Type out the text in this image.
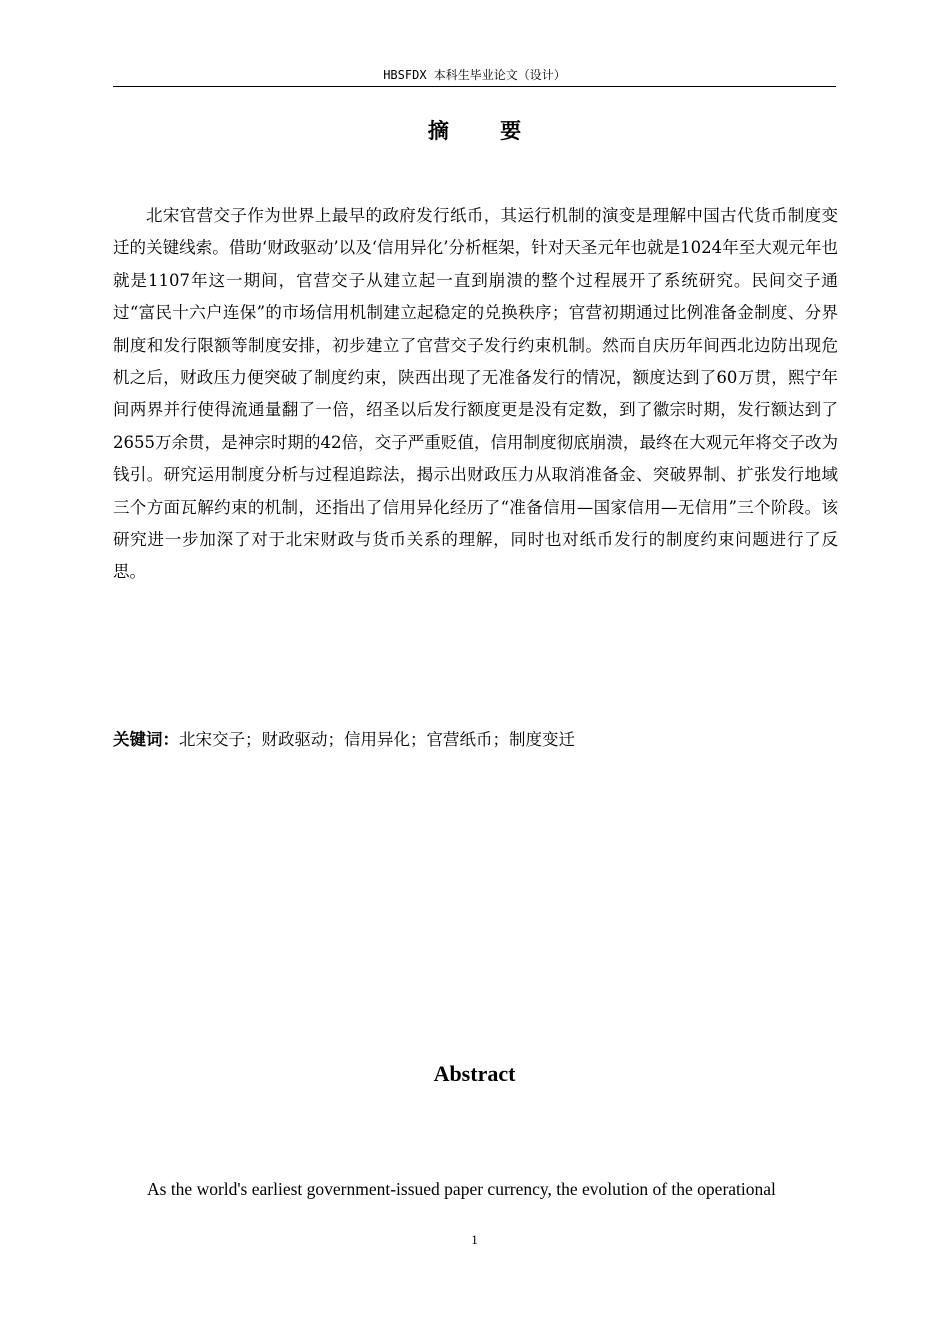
HBSFDX 本科生毕业论文（设计）
摘 要

北宋官营交子作为世界上最早的政府发行纸币，其运行机制的演变是理解中国古代货币制度变迁的关键线索。借助‘财政驱动’以及‘信用异化’分析框架，针对天圣元年也就是1024年至大观元年也就是1107年这一期间，官营交子从建立起一直到崩溃的整个过程展开了系统研究。民间交子通过“富民十六户连保”的市场信用机制建立起稳定的兑换秩序；官营初期通过比例准备金制度、分界制度和发行限额等制度安排，初步建立了官营交子发行约束机制。然而自庆历年间西北边防出现危机之后，财政压力便突破了制度约束，陕西出现了无准备发行的情况，额度达到了60万贯，熙宁年间两界并行使得流通量翻了一倍，绍圣以后发行额度更是没有定数，到了徽宗时期，发行额达到了2655万余贯，是神宗时期的42倍，交子严重贬值，信用制度彻底崩溃，最终在大观元年将交子改为钱引。研究运用制度分析与过程追踪法，揭示出财政压力从取消准备金、突破界制、扩张发行地域三个方面瓦解约束的机制，还指出了信用异化经历了“准备信用—国家信用—无信用”三个阶段。该研究进一步加深了对于北宋财政与货币关系的理解，同时也对纸币发行的制度约束问题进行了反思。

关键词：北宋交子；财政驱动；信用异化；官营纸币；制度变迁

Abstract

As the world's earliest government-issued paper currency, the evolution of the operational

1
